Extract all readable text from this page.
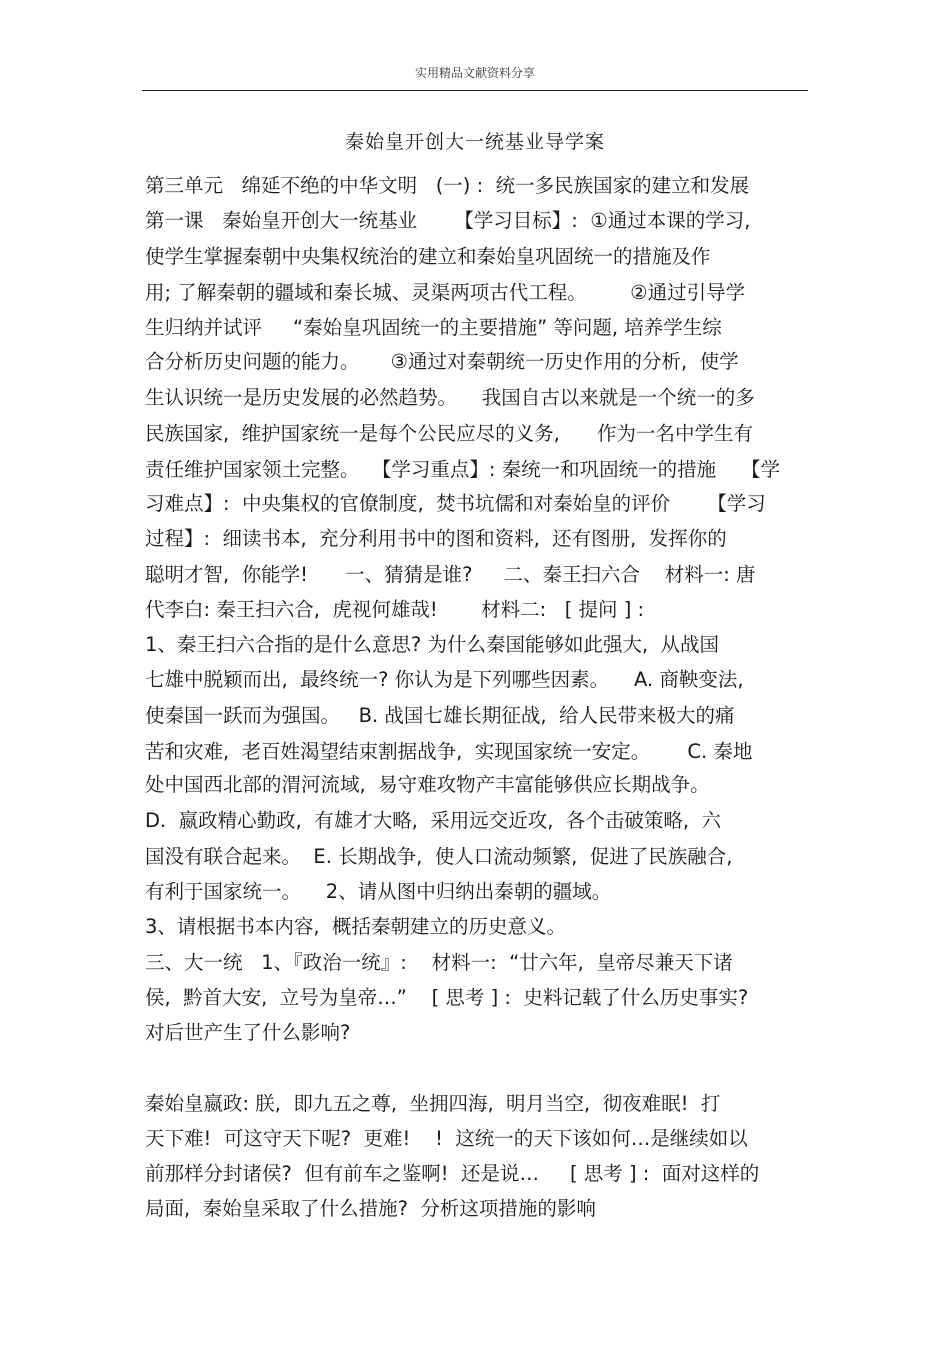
实用精品文献资料分享
秦始皇开创大一统基业导学案
第三单元   绵延不绝的中华文明   (一) :  统一多民族国家的建立和发展
第一课   秦始皇开创大一统基业      【学习目标】:  ①通过本课的学习,
使学生掌握秦朝中央集权统治的建立和秦始皇巩固统一的措施及作
用; 了解秦朝的疆域和秦长城、灵渠两项古代工程。       ②通过引导学
生归纳并试评     “秦始皇巩固统一的主要措施” 等问题, 培养学生综
合分析历史问题的能力。     ③通过对秦朝统一历史作用的分析,  使学
生认识统一是历史发展的必然趋势。    我国自古以来就是一个统一的多
民族国家,  维护国家统一是每个公民应尽的义务,      作为一名中学生有
责任维护国家领土完整。  【学习重点】: 秦统一和巩固统一的措施    【学
习难点】:  中央集权的官僚制度,  焚书坑儒和对秦始皇的评价      【学习
过程】:  细读书本,  充分利用书中的图和资料,  还有图册,  发挥你的
聪明才智,  你能学!      一、猜猜是谁?     二、秦王扫六合    材料一: 唐
代李白: 秦王扫六合,  虎视何雄哉!       材料二:   [ 提问 ] :
1、秦王扫六合指的是什么意思? 为什么秦国能够如此强大,  从战国
七雄中脱颖而出,  最终统一? 你认为是下列哪些因素。    A. 商鞅变法,
使秦国一跃而为强国。   B. 战国七雄长期征战,  给人民带来极大的痛
苦和灾难,  老百姓渴望结束割据战争,  实现国家统一安定。      C. 秦地
处中国西北部的渭河流域,  易守难攻物产丰富能够供应长期战争。
D.  嬴政精心勤政,  有雄才大略,  采用远交近攻,  各个击破策略,  六
国没有联合起来。  E. 长期战争,  使人口流动频繁,  促进了民族融合,
有利于国家统一。    2、请从图中归纳出秦朝的疆域。
3、请根据书本内容,  概括秦朝建立的历史意义。
三、大一统   1、『政治一统』:    材料一:  “廿六年,  皇帝尽兼天下诸
侯,  黔首大安,  立号为皇帝…”    [ 思考 ] :  史料记载了什么历史事实?
对后世产生了什么影响?
秦始皇嬴政: 朕,  即九五之尊,  坐拥四海,  明月当空,  彻夜难眠!  打
天下难!  可这守天下呢?  更难!    !  这统一的天下该如何…是继续如以
前那样分封诸侯?  但有前车之鉴啊!  还是说…     [ 思考 ] :  面对这样的
局面,  秦始皇采取了什么措施?  分析这项措施的影响
